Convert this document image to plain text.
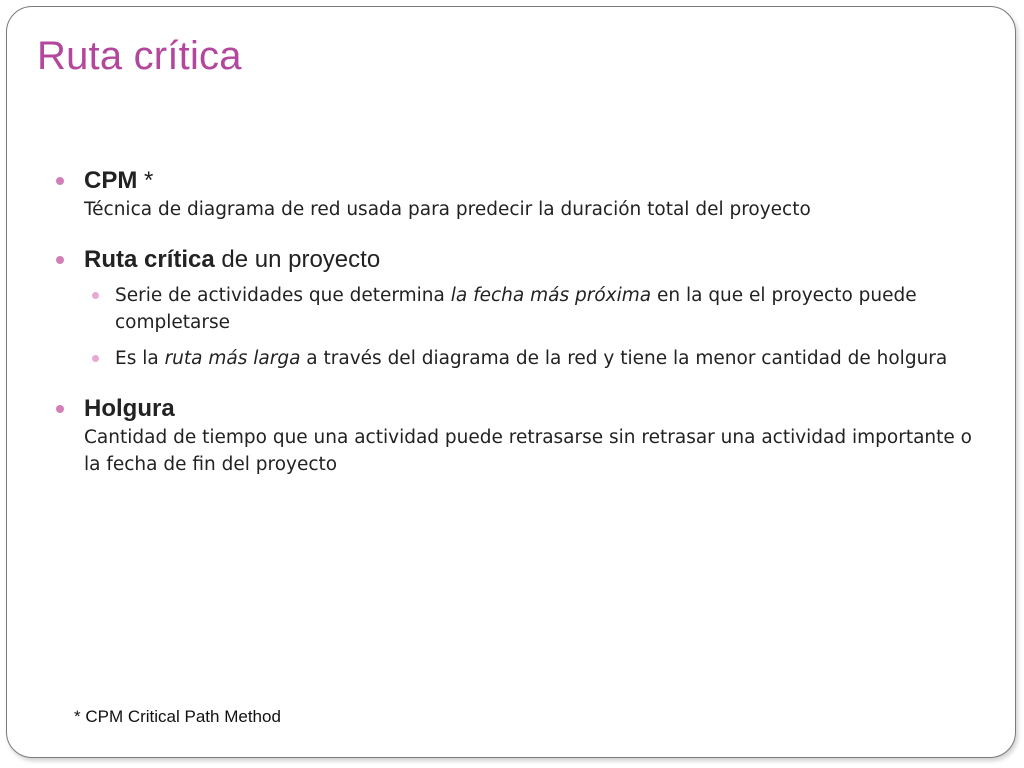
Ruta crítica
CPM *
Técnica de diagrama de red usada para predecir la duración total del proyecto
Ruta crítica de un proyecto
Serie de actividades que determina la fecha más próxima en la que el proyecto puede completarse
Es la ruta más larga a través del diagrama de la red y tiene la menor cantidad de holgura
Holgura
Cantidad de tiempo que una actividad puede retrasarse sin retrasar una actividad importante o la fecha de fin del proyecto
* CPM Critical Path Method
